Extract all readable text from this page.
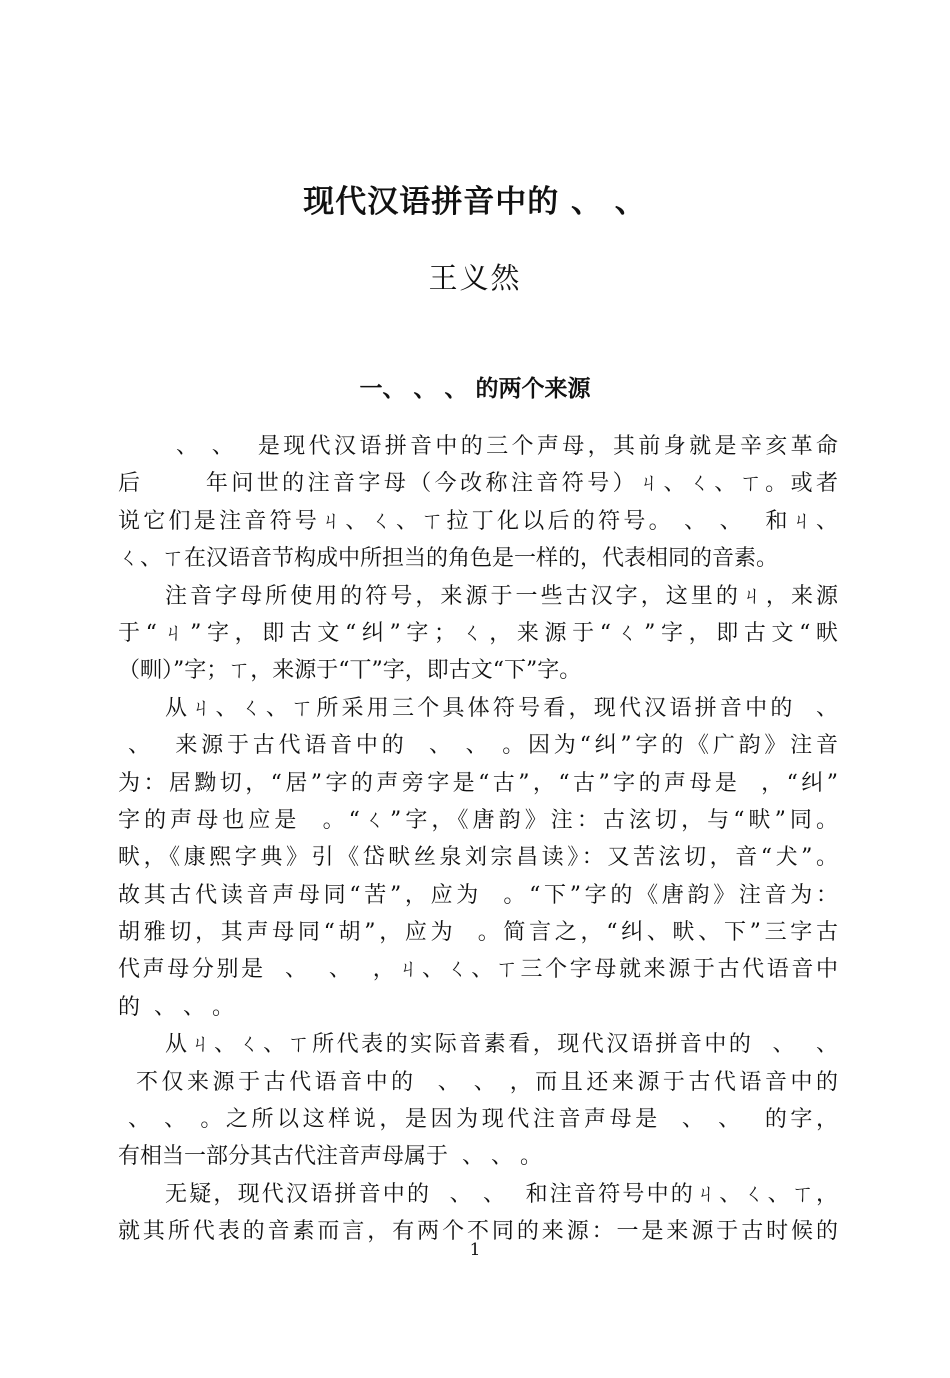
现代汉语拼音中的 、 、
王义然
一、 、 、 的两个来源
、 、  是现代汉语拼音中的三个声母，其前身就是辛亥革命
后      年问世的注音字母（今改称注音符号）ㄐ、ㄑ、ㄒ。或者
说它们是注音符号ㄐ、ㄑ、ㄒ拉丁化以后的符号。 、 、  和ㄐ、
ㄑ、ㄒ在汉语音节构成中所担当的角色是一样的，代表相同的音素。
注音字母所使用的符号，来源于一些古汉字，这里的ㄐ，来源
于“ㄐ”字，即古文“纠”字；ㄑ，来源于“ㄑ”字，即古文“畎
（甽）”字；ㄒ，来源于“丅”字，即古文“下”字。
从ㄐ、ㄑ、ㄒ所采用三个具体符号看，现代汉语拼音中的  、
、  来源于古代语音中的  、 、 。因为“纠”字的《广韵》注音
为：居黝切，“居”字的声旁字是“古”，“古”字的声母是  ，“纠”
字的声母也应是  。“ㄑ”字，《唐韵》注：古泫切，与“畎”同。
畎，《康熙字典》引《岱畎丝泉刘宗昌读》：又苦泫切，音“犬”。
故其古代读音声母同“苦”，应为  。“下”字的《唐韵》注音为：
胡雅切，其声母同“胡”，应为  。简言之，“纠、畎、下”三字古
代声母分别是  、  、  ，ㄐ、ㄑ、ㄒ三个字母就来源于古代语音中
的  、 、 。
从ㄐ、ㄑ、ㄒ所代表的实际音素看，现代汉语拼音中的  、  、
不仅来源于古代语音中的  、 、 ，而且还来源于古代语音中的
、 、 。之所以这样说，是因为现代注音声母是  、 、  的字，
有相当一部分其古代注音声母属于  、 、 。
无疑，现代汉语拼音中的  、 、  和注音符号中的ㄐ、ㄑ、ㄒ，
就其所代表的音素而言，有两个不同的来源：一是来源于古时候的
1
